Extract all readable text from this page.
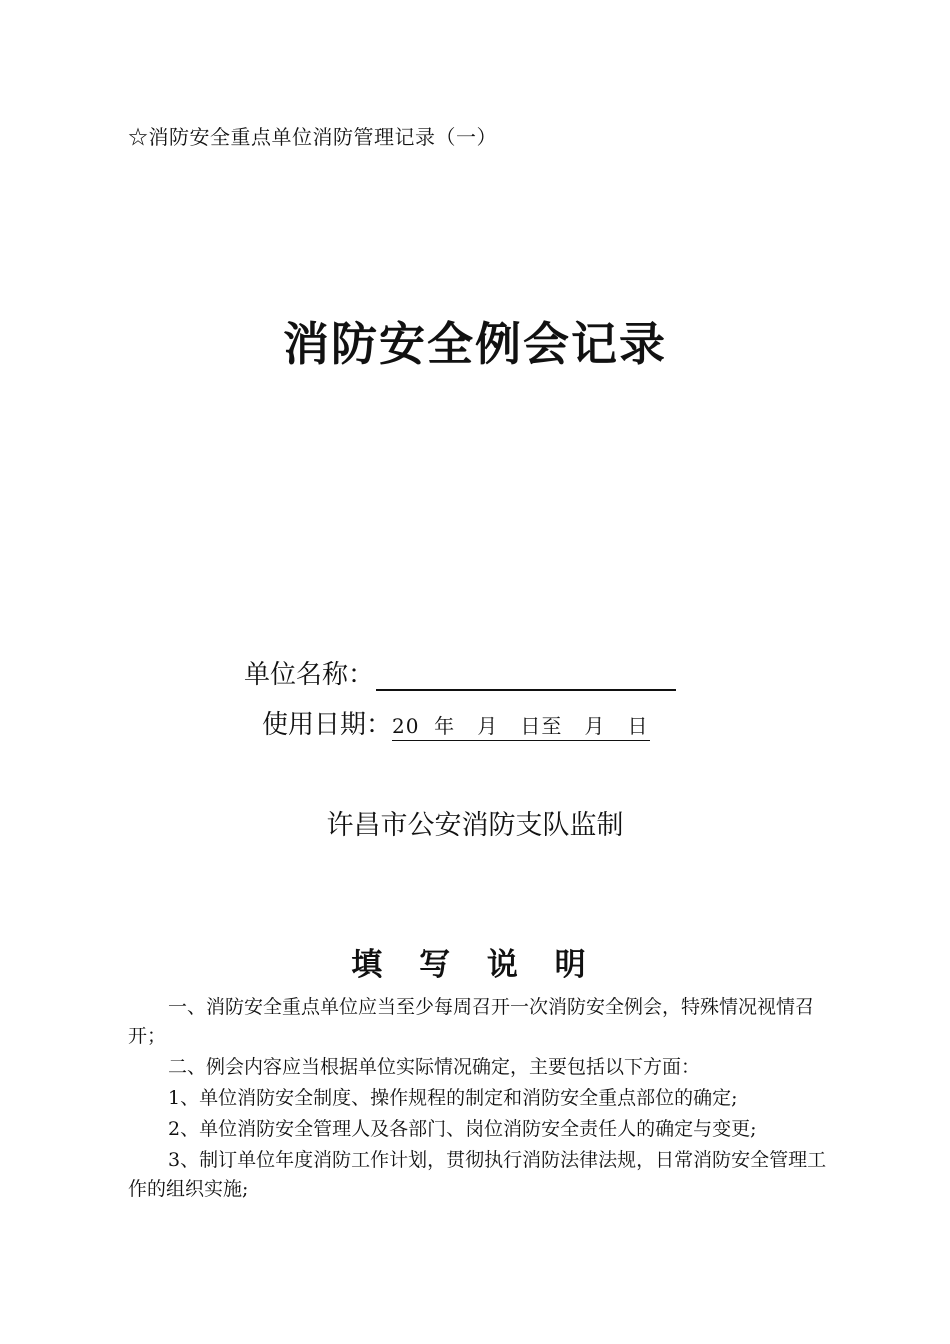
☆消防安全重点单位消防管理记录（一）
消防安全例会记录
单位名称：
使用日期： 20  年   月   日至   月   日
许昌市公安消防支队监制
填 写 说 明

一、消防安全重点单位应当至少每周召开一次消防安全例会，特殊情况视情召开；

二、例会内容应当根据单位实际情况确定，主要包括以下方面：

1、单位消防安全制度、操作规程的制定和消防安全重点部位的确定;

2、单位消防安全管理人及各部门、岗位消防安全责任人的确定与变更;

3、制订单位年度消防工作计划，贯彻执行消防法律法规，日常消防安全管理工作的组织实施;
